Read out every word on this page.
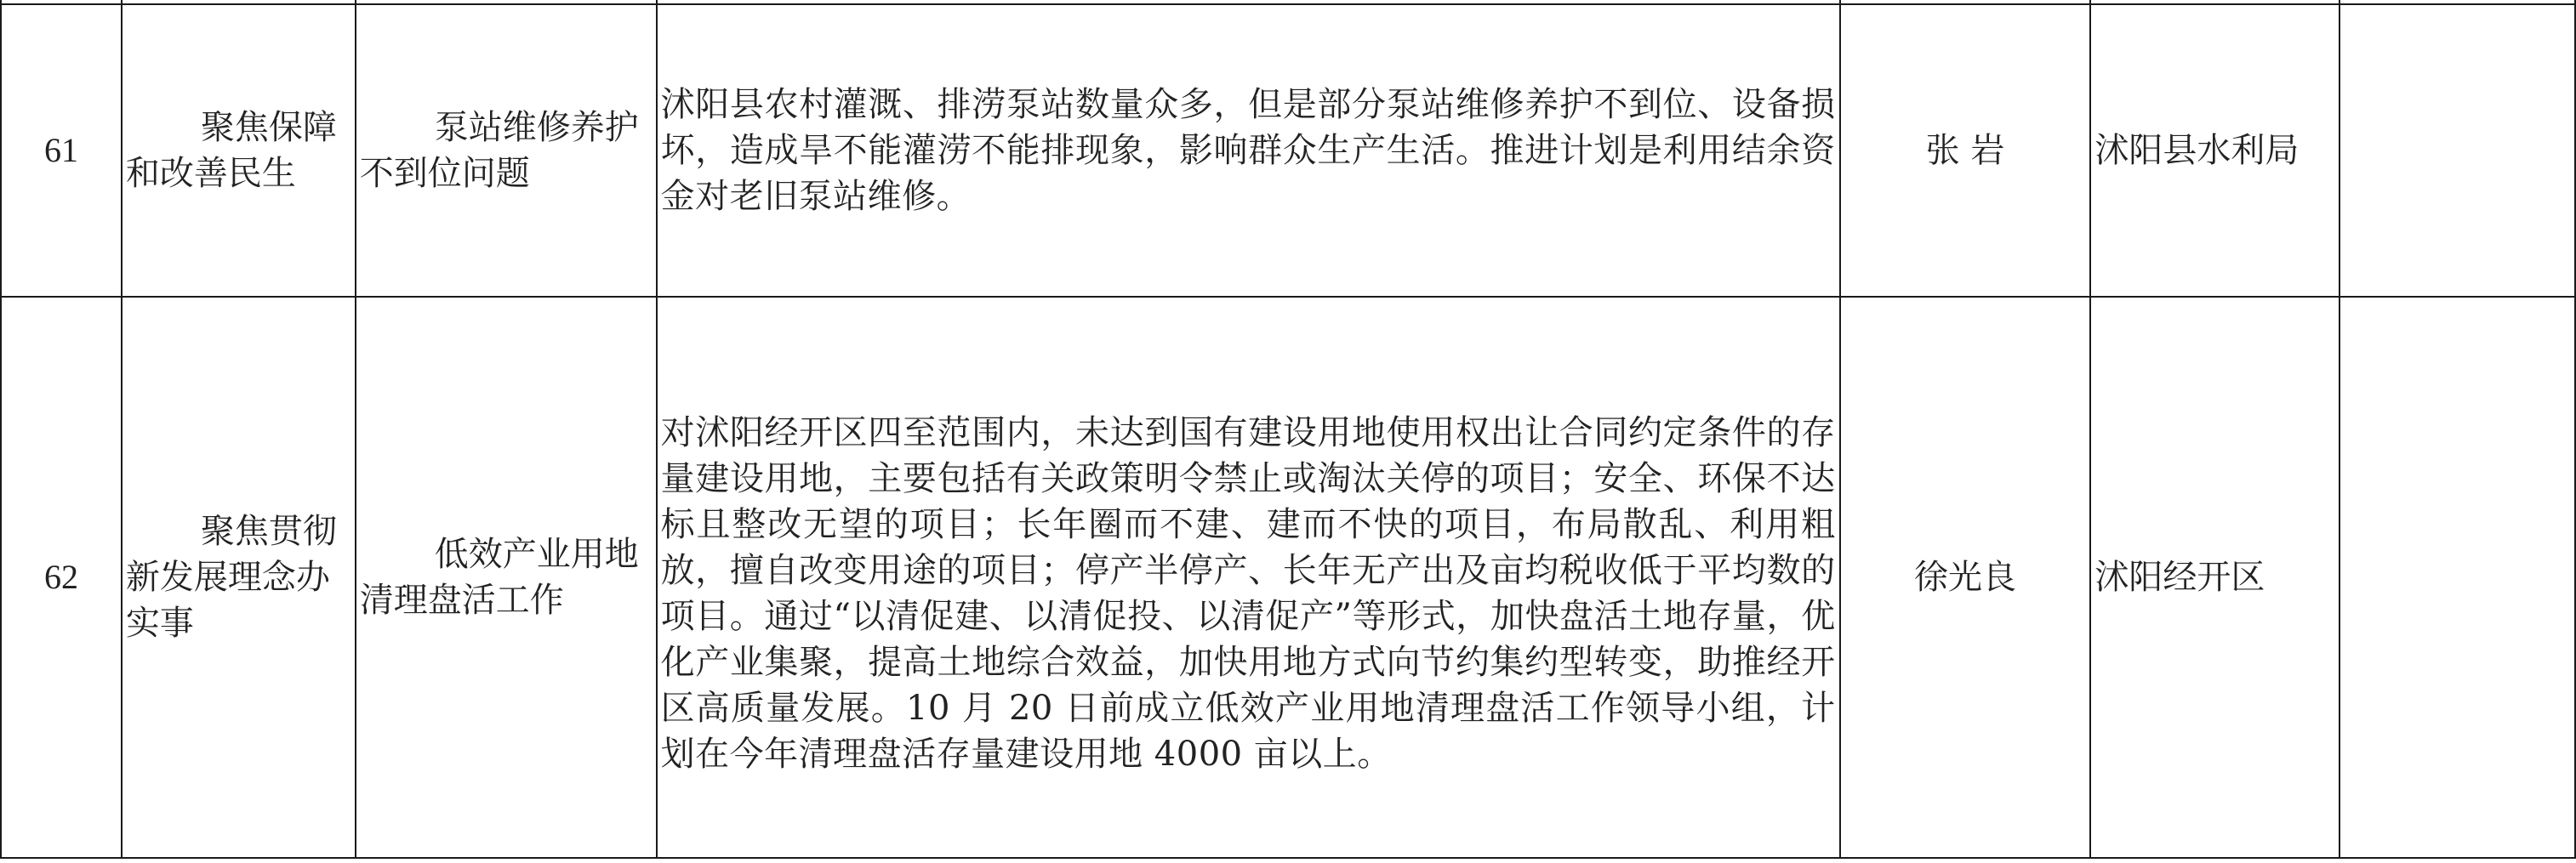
61	聚焦保障和改善民生	泵站维修养护不到位问题	沭阳县农村灌溉、排涝泵站数量众多，但是部分泵站维修养护不到位、设备损坏，造成旱不能灌涝不能排现象，影响群众生产生活。推进计划是利用结余资金对老旧泵站维修。	张 岩	沭阳县水利局	
62	聚焦贯彻新发展理念办实事	低效产业用地清理盘活工作	对沭阳经开区四至范围内，未达到国有建设用地使用权出让合同约定条件的存量建设用地，主要包括有关政策明令禁止或淘汰关停的项目；安全、环保不达标且整改无望的项目；长年圈而不建、建而不快的项目，布局散乱、利用粗放，擅自改变用途的项目；停产半停产、长年无产出及亩均税收低于平均数的项目。通过“以清促建、以清促投、以清促产”等形式，加快盘活土地存量，优化产业集聚，提高土地综合效益，加快用地方式向节约集约型转变，助推经开区高质量发展。10 月 20 日前成立低效产业用地清理盘活工作领导小组，计划在今年清理盘活存量建设用地 4000 亩以上。	徐光良	沭阳经开区	
